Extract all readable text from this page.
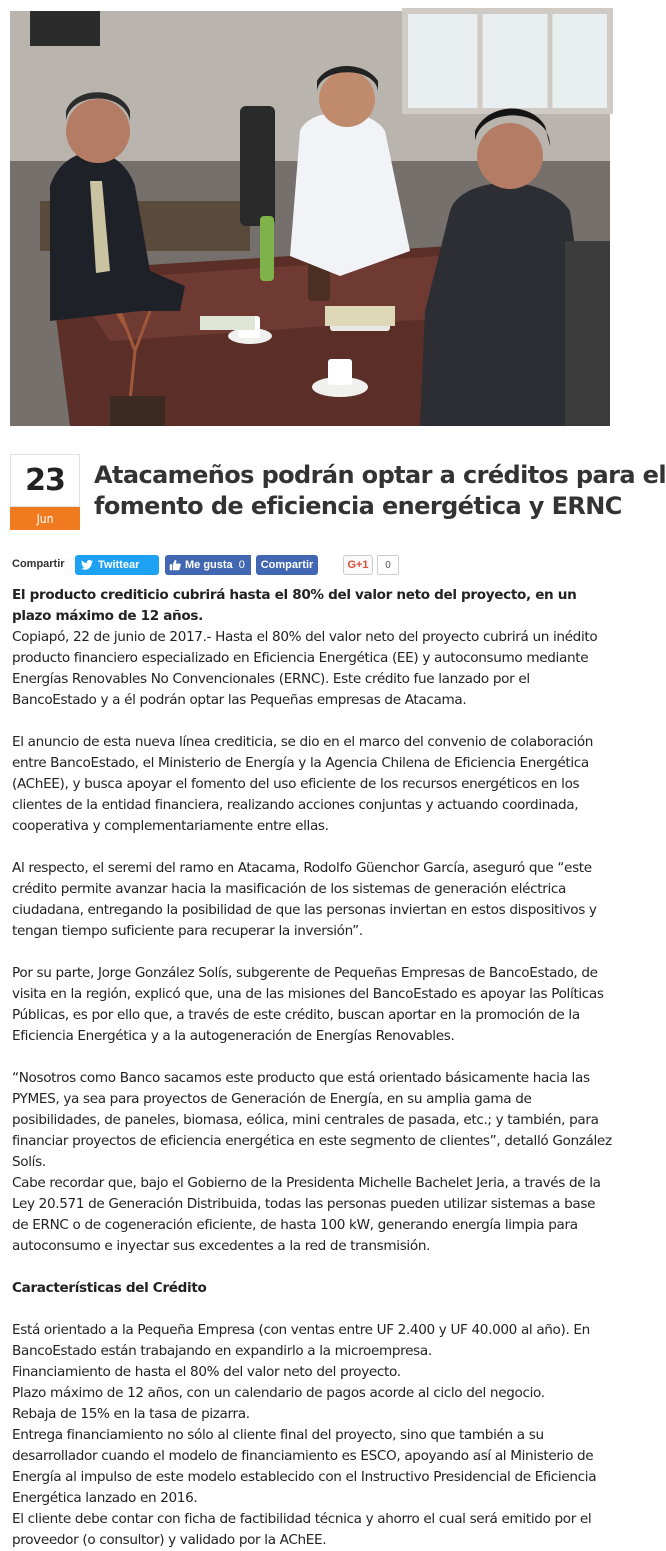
23
Jun
Atacameños podrán optar a créditos para el
fomento de eficiencia energética y ERNC
Compartir	Twittear	Me gusta 0	Compartir	G+1	0

El producto crediticio cubrirá hasta el 80% del valor neto del proyecto, en un plazo máximo de 12 años.

Copiapó, 22 de junio de 2017.- Hasta el 80% del valor neto del proyecto cubrirá un inédito producto financiero especializado en Eficiencia Energética (EE) y autoconsumo mediante Energías Renovables No Convencionales (ERNC). Este crédito fue lanzado por el BancoEstado y a él podrán optar las Pequeñas empresas de Atacama.

El anuncio de esta nueva línea crediticia, se dio en el marco del convenio de colaboración entre BancoEstado, el Ministerio de Energía y la Agencia Chilena de Eficiencia Energética (AChEE), y busca apoyar el fomento del uso eficiente de los recursos energéticos en los clientes de la entidad financiera, realizando acciones conjuntas y actuando coordinada, cooperativa y complementariamente entre ellas.

Al respecto, el seremi del ramo en Atacama, Rodolfo Güenchor García, aseguró que “este crédito permite avanzar hacia la masificación de los sistemas de generación eléctrica ciudadana, entregando la posibilidad de que las personas inviertan en estos dispositivos y tengan tiempo suficiente para recuperar la inversión”.

Por su parte, Jorge González Solís, subgerente de Pequeñas Empresas de BancoEstado, de visita en la región, explicó que, una de las misiones del BancoEstado es apoyar las Políticas Públicas, es por ello que, a través de este crédito, buscan aportar en la promoción de la Eficiencia Energética y a la autogeneración de Energías Renovables.

“Nosotros como Banco sacamos este producto que está orientado básicamente hacia las PYMES, ya sea para proyectos de Generación de Energía, en su amplia gama de posibilidades, de paneles, biomasa, eólica, mini centrales de pasada, etc.; y también, para financiar proyectos de eficiencia energética en este segmento de clientes”, detalló González Solís.

Cabe recordar que, bajo el Gobierno de la Presidenta Michelle Bachelet Jeria, a través de la Ley 20.571 de Generación Distribuida, todas las personas pueden utilizar sistemas a base de ERNC o de cogeneración eficiente, de hasta 100 kW, generando energía limpia para autoconsumo e inyectar sus excedentes a la red de transmisión.

Características del Crédito

Está orientado a la Pequeña Empresa (con ventas entre UF 2.400 y UF 40.000 al año). En BancoEstado están trabajando en expandirlo a la microempresa.

Financiamiento de hasta el 80% del valor neto del proyecto.

Plazo máximo de 12 años, con un calendario de pagos acorde al ciclo del negocio.

Rebaja de 15% en la tasa de pizarra.

Entrega financiamiento no sólo al cliente final del proyecto, sino que también a su desarrollador cuando el modelo de financiamiento es ESCO, apoyando así al Ministerio de Energía al impulso de este modelo establecido con el Instructivo Presidencial de Eficiencia Energética lanzado en 2016.

El cliente debe contar con ficha de factibilidad técnica y ahorro el cual será emitido por el proveedor (o consultor) y validado por la AChEE.
